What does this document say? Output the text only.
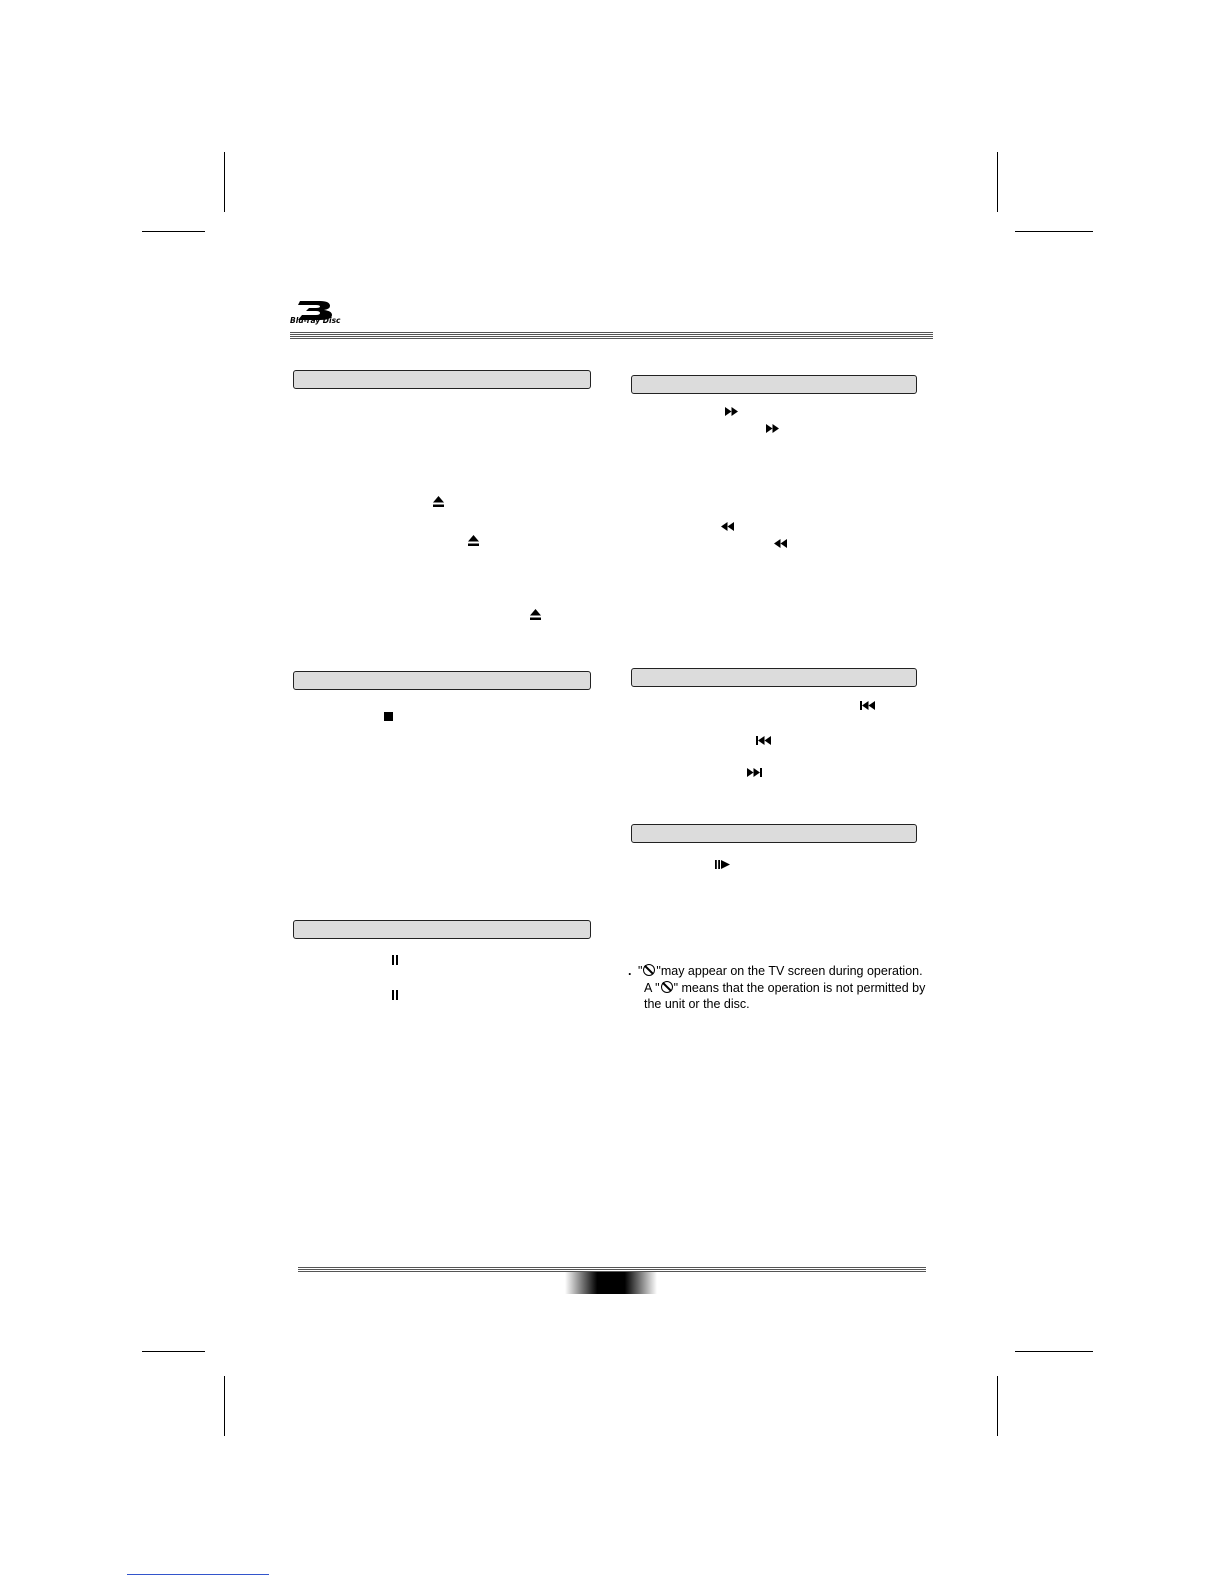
Blu-ray Disc
. " "may appear on the TV screen during operation.
A " " means that the operation is not permitted by
the unit or the disc.
